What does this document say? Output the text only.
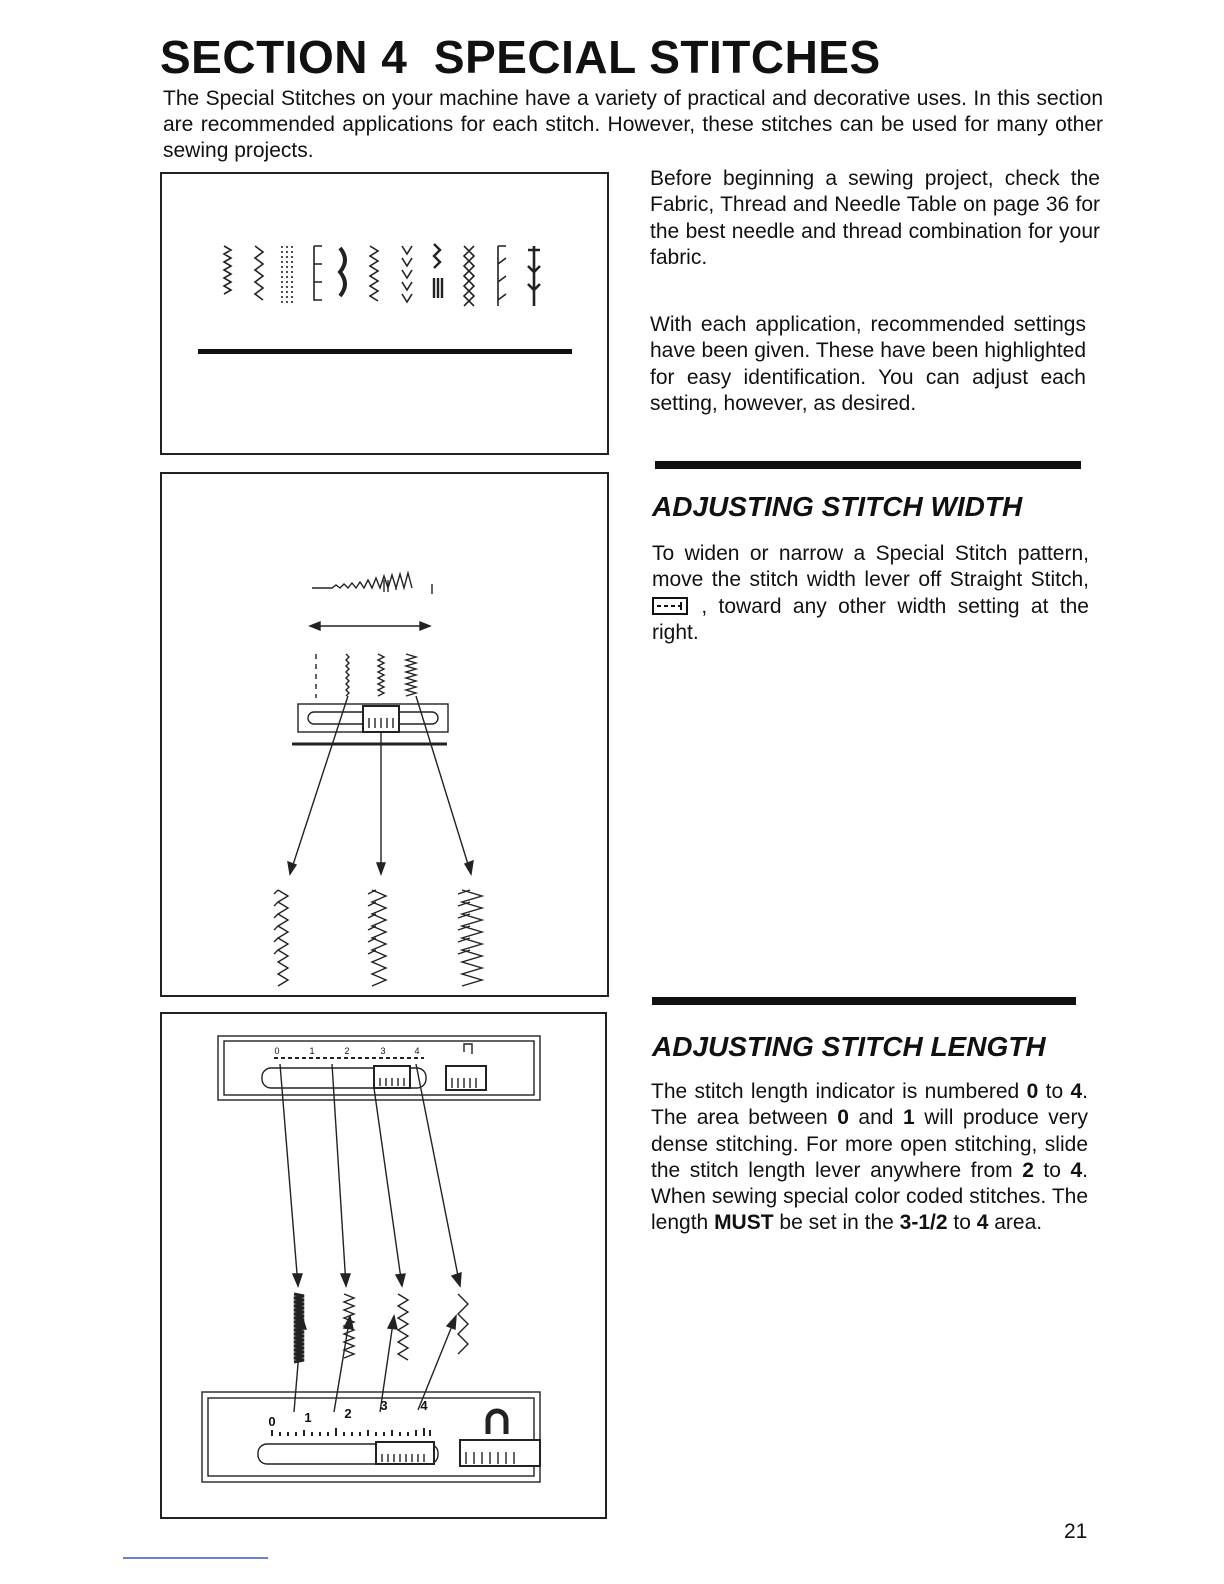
SECTION 4  SPECIAL STITCHES

The Special Stitches on your machine have a variety of practical and decorative uses. In this section are recommended applications for each stitch. However, these stitches can be used for many other sewing projects.

0	1	2	3	4
0 1	2
3	4

Before beginning a sewing project, check the Fabric, Thread and Needle Table on page 36 for the best needle and thread combination for your fabric.

With each application, recommended settings have been given. These have been highlighted for easy identification. You can adjust each setting, however, as desired.

ADJUSTING STITCH WIDTH

To widen or narrow a Special Stitch pattern, move the stitch width lever off Straight Stitch,  , toward any other width setting at the right.

ADJUSTING STITCH LENGTH

The stitch length indicator is numbered 0 to 4. The area between 0 and 1 will produce very dense stitching. For more open stitching, slide the stitch length lever anywhere from 2 to 4. When sewing special color coded stitches. The length MUST be set in the 3-1/2 to 4 area.

21
